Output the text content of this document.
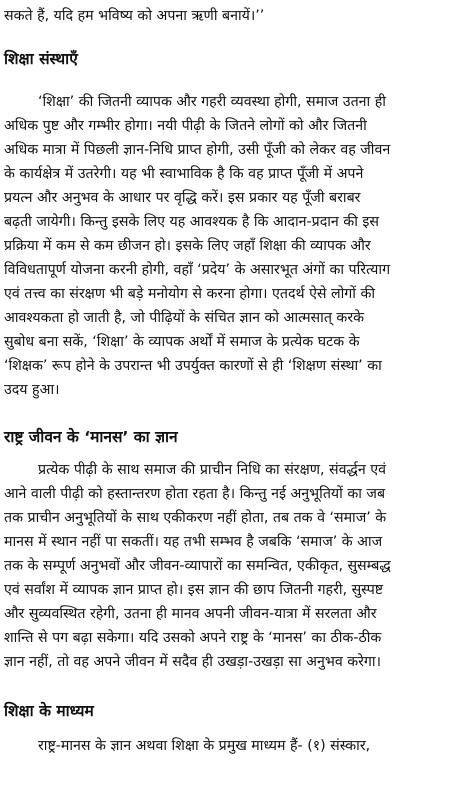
सकते हैं, यदि हम भविष्य को अपना ऋणी बनायें।’’
शिक्षा संस्थाएँ
‘शिक्षा’ की जितनी व्यापक और गहरी व्यवस्था होगी, समाज उतना ही
अधिक पुष्ट और गम्भीर होगा। नयी पीढ़ी के जितने लोगों को और जितनी
अधिक मात्रा में पिछली ज्ञान-निधि प्राप्त होगी, उसी पूँजी को लेकर वह जीवन
के कार्यक्षेत्र में उतरेगी। यह भी स्वाभाविक है कि वह प्राप्त पूँजी में अपने
प्रयत्न और अनुभव के आधार पर वृद्धि करें। इस प्रकार यह पूँजी बराबर
बढ़ती जायेगी। किन्तु इसके लिए यह आवश्यक है कि आदान-प्रदान की इस
प्रक्रिया में कम से कम छीजन हो। इसके लिए जहाँ शिक्षा की व्यापक और
विविधतापूर्ण योजना करनी होगी, वहाँ ‘प्रदेय’ के असारभूत अंगों का परित्याग
एवं तत्त्व का संरक्षण भी बड़े मनोयोग से करना होगा। एतदर्थ ऐसे लोगों की
आवश्यकता हो जाती है, जो पीढ़ियों के संचित ज्ञान को आत्मसात् करके
सुबोध बना सकें, ‘शिक्षा’ के व्यापक अर्थों में समाज के प्रत्येक घटक के
‘शिक्षक’ रूप होने के उपरान्त भी उपर्युक्त कारणों से ही ‘शिक्षण संस्था’ का
उदय हुआ।
राष्ट्र जीवन के ‘मानस’ का ज्ञान
प्रत्येक पीढ़ी के साथ समाज की प्राचीन निधि का संरक्षण, संवर्द्धन एवं
आने वाली पीढ़ी को हस्तान्तरण होता रहता है। किन्तु नई अनुभूतियों का जब
तक प्राचीन अनुभूतियों के साथ एकीकरण नहीं होता, तब तक वे ‘समाज’ के
मानस में स्थान नहीं पा सकतीं। यह तभी सम्भव है जबकि ‘समाज’ के आज
तक के सम्पूर्ण अनुभवों और जीवन-व्यापारों का समन्वित, एकीकृत, सुसम्बद्ध
एवं सर्वांश में व्यापक ज्ञान प्राप्त हो। इस ज्ञान की छाप जितनी गहरी, सुस्पष्ट
और सुव्यवस्थित रहेगी, उतना ही मानव अपनी जीवन-यात्रा में सरलता और
शान्ति से पग बढ़ा सकेगा। यदि उसको अपने राष्ट्र के ‘मानस’ का ठीक-ठीक
ज्ञान नहीं, तो वह अपने जीवन में सदैव ही उखड़ा-उखड़ा सा अनुभव करेगा।
शिक्षा के माध्यम
राष्ट्र-मानस के ज्ञान अथवा शिक्षा के प्रमुख माध्यम हैं- (१) संस्कार,
